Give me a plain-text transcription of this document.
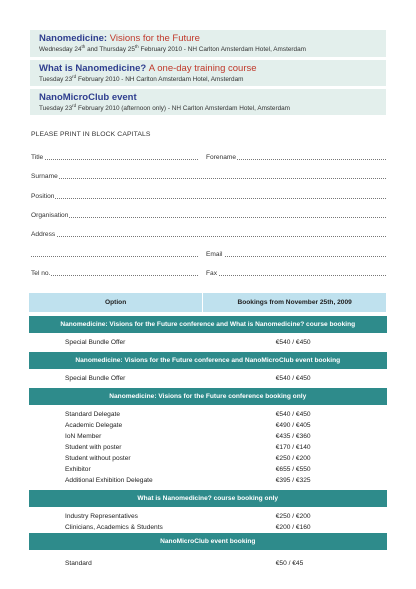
Nanomedicine: Visions for the Future
Wednesday 24th and Thursday 25th February 2010 - NH Carlton Amsterdam Hotel, Amsterdam
What is Nanomedicine? A one-day training course
Tuesday 23rd February 2010 - NH Carlton Amsterdam Hotel, Amsterdam
NanoMicroClub event
Tuesday 23rd February 2010 (afternoon only) - NH Carlton Amsterdam Hotel, Amsterdam
PLEASE PRINT IN BLOCK CAPITALS
Title	Forename
Surname
Position
Organisation
Address
Email
Tel no.	Fax
Option	Bookings from November 25th, 2009

Nanomedicine: Visions for the Future conference and What is Nanomedicine? course booking	

Special Bundle Offer	€540 / €450

Nanomedicine: Visions for the Future conference and NanoMicroClub event booking	

Special Bundle Offer	€540 / €450

Nanomedicine: Visions for the Future conference booking only	

Standard Delegate	€540 / €450
Academic Delegate	€490 / €405
IoN Member	€435 / €360
Student with poster	€170 / €140
Student without poster	€250 / €200
Exhibitor	€655 / €550
Additional Exhibition Delegate	€395 / €325

What is Nanomedicine? course booking only	

Industry Representatives	€250 / €200
Clinicians, Academics & Students	€200 / €160
NanoMicroClub event booking	

Standard	€50 / €45
